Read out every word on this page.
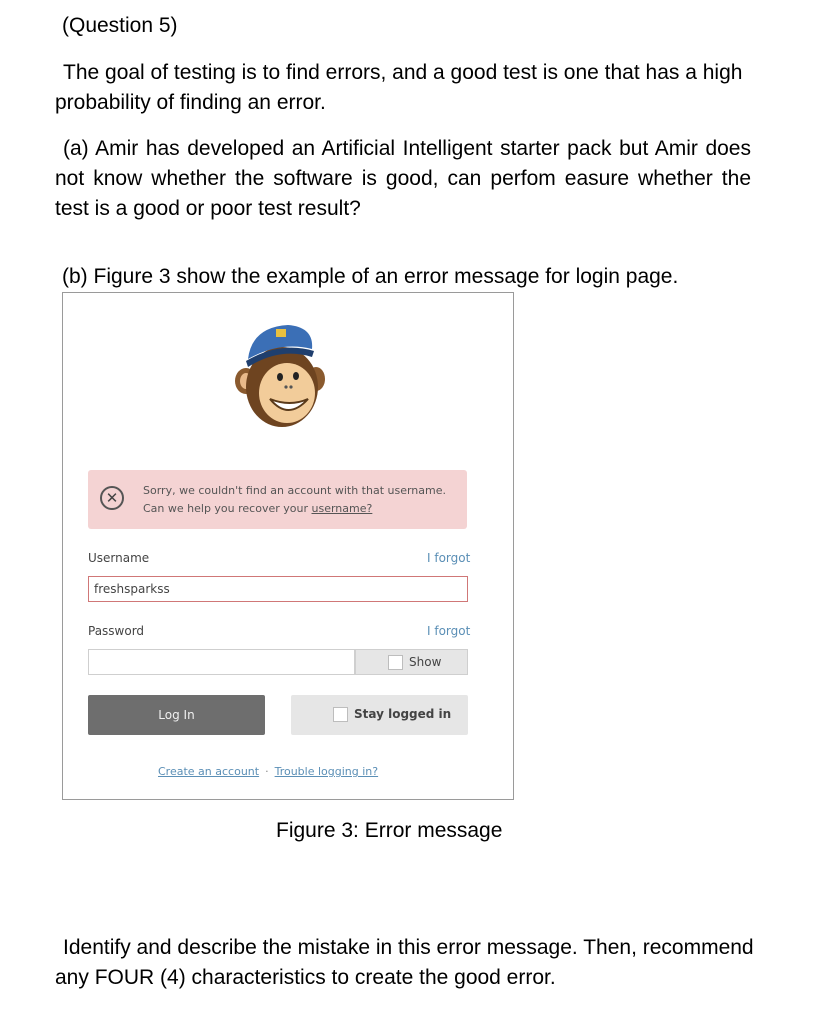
(Question 5)

The goal of testing is to find errors, and a good test is one that has a high probability of finding an error.

(a) Amir has developed an Artificial Intelligent starter pack but Amir does not know whether the software is good, can perfom easure whether the test is a good or poor test result?

(b) Figure 3 show the example of an error message for login page.

✕	Sorry, we couldn't find an account with that username. Can we help you recover your username?
Username	I forgot
freshsparkss
Password	I forgot
Show
Log In	Stay logged in
Create an account · Trouble logging in?

Figure 3: Error message

Identify and describe the mistake in this error message. Then, recommend any FOUR (4) characteristics to create the good error.
